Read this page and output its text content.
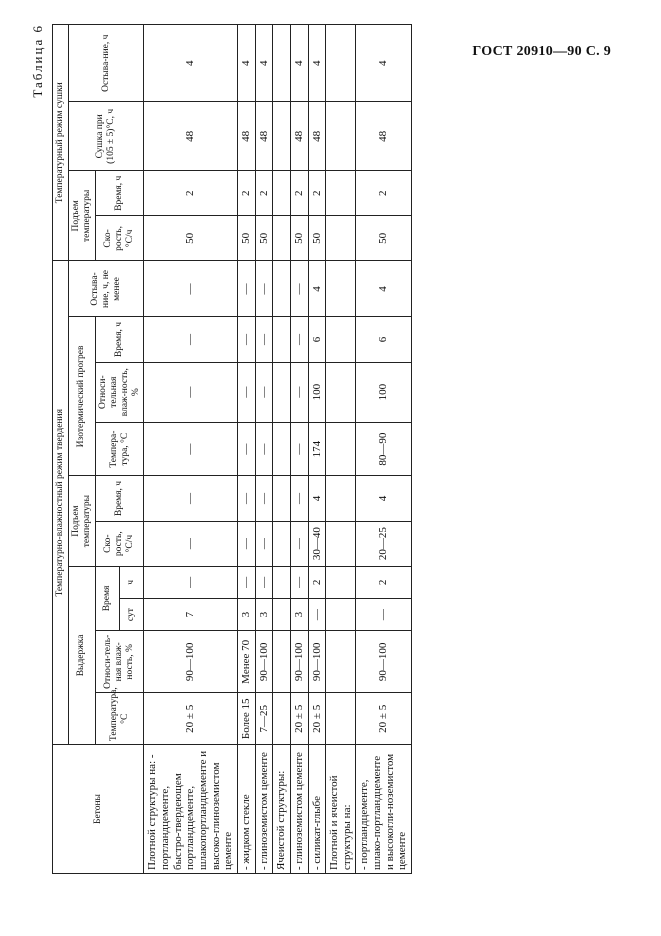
ГОСТ 20910—90 С. 9
Таблица 6
Бетоны	Температурно-влажностный режим твердения										Температурный режим сушки			
	Выдержка				Подъем температуры		Изотермический прогрев			Остыва-ние, ч, не менее	Подъем температуры		Сушка при (105 ± 5)°С, ч	Остыва-ние, ч
	Температура, °С	Относи-тель-ная влаж-ность, %	Время		Ско-рость, °С/ч	Время, ч	Темпера-тура, °С	Относи-тельная влаж-ность, %	Время, ч		Ско-рость, °С/ч	Время, ч		
			сут	ч										
Плотной структуры на: - портландцементе, быстро-твердеющем портландцементе, шлакопортландцементе и высоко-глиноземистом цементе	20 ± 5	90—100	7	—	—	—	—	—	—	—	50	2	48	4
- жидком стекле	Более 15	Менее 70	3	—	—	—	—	—	—	—	50	2	48	4
- глиноземистом цементе	7—25	90—100	3	—	—	—	—	—	—	—	50	2	48	4
Ячеистой структуры:														
- глиноземистом цементе	20 ± 5	90—100	3	—	—	—	—	—	—	—	50	2	48	4
- силикат-глыбе	20 ± 5	90—100	—	2	30—40	4	174	100	6	4	50	2	48	4
Плотной и ячеистой структуры на:														
- портландцементе, шлако-портландцементе и высокогли-ноземистом цементе	20 ± 5	90—100	—	2	20—25	4	80—90	100	6	4	50	2	48	4
